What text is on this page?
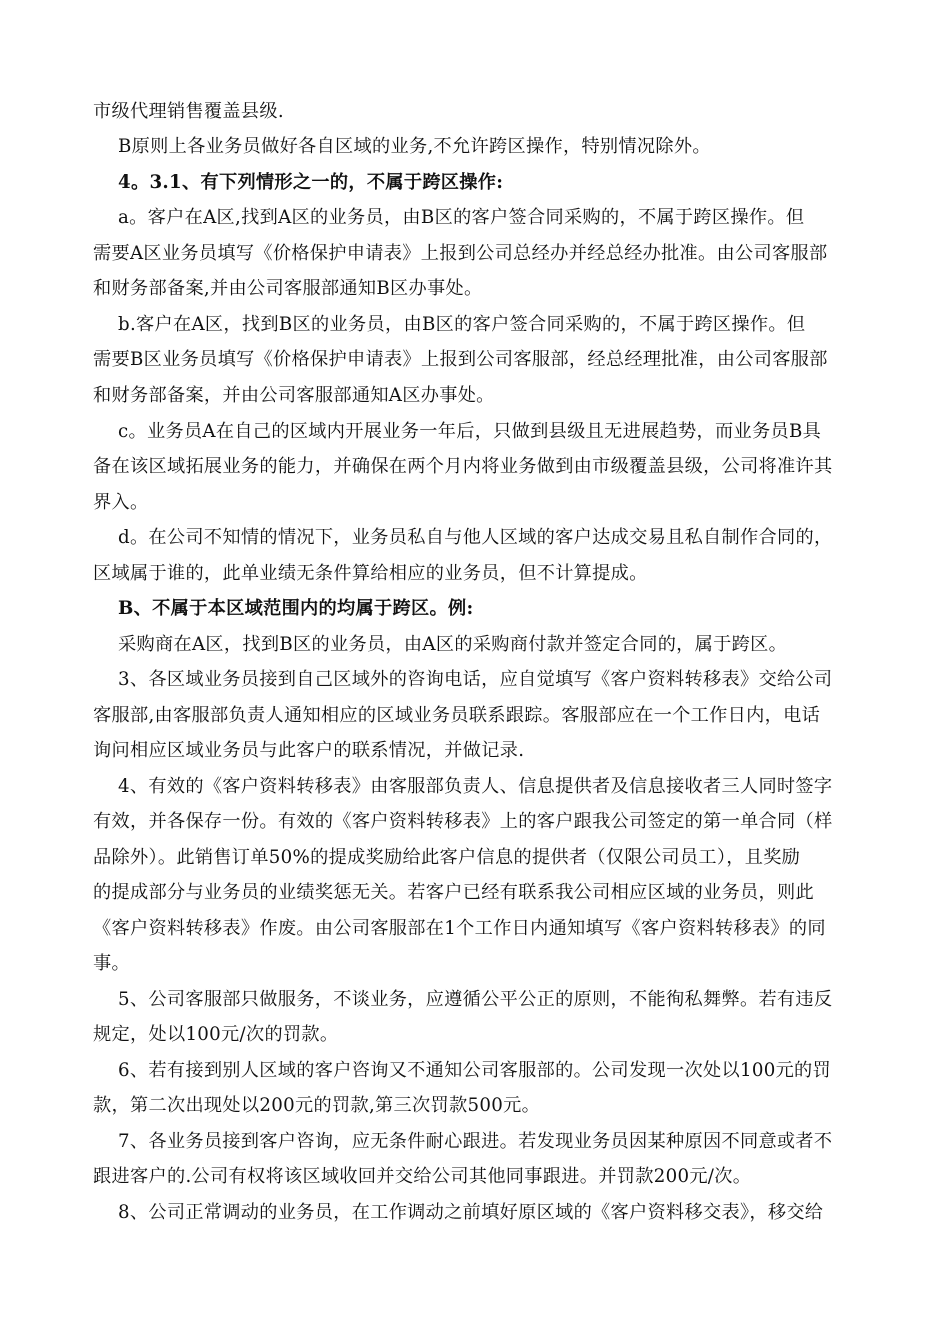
市级代理销售覆盖县级.
B原则上各业务员做好各自区域的业务,不允许跨区操作，特别情况除外。
4。3.1、有下列情形之一的，不属于跨区操作:
a。客户在A区,找到A区的业务员，由B区的客户签合同采购的，不属于跨区操作。但
需要A区业务员填写《价格保护申请表》上报到公司总经办并经总经办批准。由公司客服部
和财务部备案,并由公司客服部通知B区办事处。
b.客户在A区，找到B区的业务员，由B区的客户签合同采购的，不属于跨区操作。但
需要B区业务员填写《价格保护申请表》上报到公司客服部，经总经理批准，由公司客服部
和财务部备案，并由公司客服部通知A区办事处。
c。业务员A在自己的区域内开展业务一年后，只做到县级且无进展趋势，而业务员B具
备在该区域拓展业务的能力，并确保在两个月内将业务做到由市级覆盖县级，公司将准许其
界入。
d。在公司不知情的情况下，业务员私自与他人区域的客户达成交易且私自制作合同的，
区域属于谁的，此单业绩无条件算给相应的业务员，但不计算提成。
B、不属于本区域范围内的均属于跨区。例:
采购商在A区，找到B区的业务员，由A区的采购商付款并签定合同的，属于跨区。
3、各区域业务员接到自己区域外的咨询电话，应自觉填写《客户资料转移表》交给公司
客服部,由客服部负责人通知相应的区域业务员联系跟踪。客服部应在一个工作日内，电话
询问相应区域业务员与此客户的联系情况，并做记录.
4、有效的《客户资料转移表》由客服部负责人、信息提供者及信息接收者三人同时签字
有效，并各保存一份。有效的《客户资料转移表》上的客户跟我公司签定的第一单合同（样
品除外）。此销售订单50%的提成奖励给此客户信息的提供者（仅限公司员工），且奖励
的提成部分与业务员的业绩奖惩无关。若客户已经有联系我公司相应区域的业务员，则此
《客户资料转移表》作废。由公司客服部在1个工作日内通知填写《客户资料转移表》的同
事。
5、公司客服部只做服务，不谈业务，应遵循公平公正的原则，不能徇私舞弊。若有违反
规定，处以100元/次的罚款。
6、若有接到别人区域的客户咨询又不通知公司客服部的。公司发现一次处以100元的罚
款，第二次出现处以200元的罚款,第三次罚款500元。
7、各业务员接到客户咨询，应无条件耐心跟进。若发现业务员因某种原因不同意或者不
跟进客户的.公司有权将该区域收回并交给公司其他同事跟进。并罚款200元/次。
8、公司正常调动的业务员，在工作调动之前填好原区域的《客户资料移交表》，移交给
